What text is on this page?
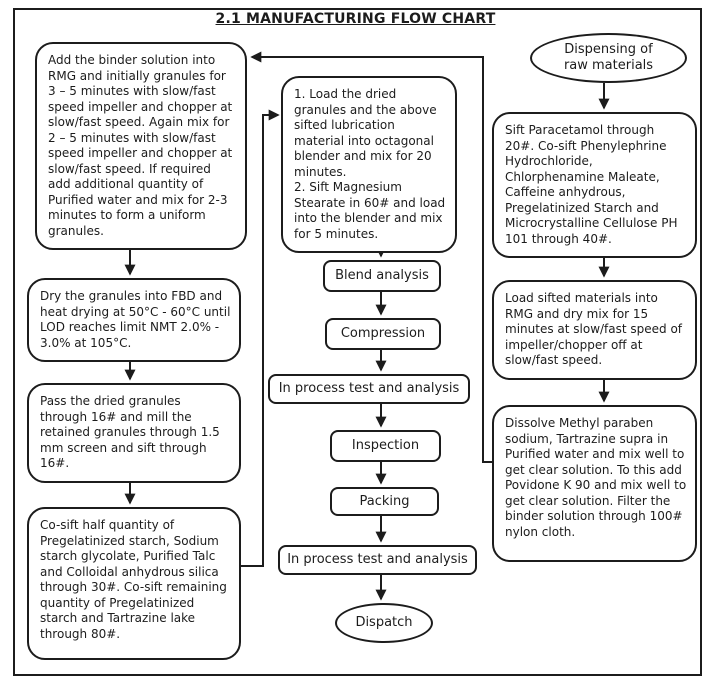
2.1 MANUFACTURING FLOW CHART

Add the binder solution into RMG and initially granules for 3 – 5 minutes with slow/fast speed impeller and chopper at slow/fast speed. Again mix for 2 – 5 minutes with slow/fast speed impeller and chopper at slow/fast speed. If required add additional quantity of Purified water and mix for 2-3 minutes to form a uniform granules.

Dry the granules into FBD and heat drying at 50°C - 60°C until LOD reaches limit NMT 2.0% - 3.0% at 105°C.

Pass the dried granules through 16# and mill the retained granules through 1.5 mm screen and sift through 16#.

Co-sift half quantity of Pregelatinized starch, Sodium starch glycolate, Purified Talc and Colloidal anhydrous silica through 30#. Co-sift remaining quantity of Pregelatinized starch and Tartrazine lake through 80#.

1. Load the dried granules and the above sifted lubrication material into octagonal blender and mix for 20 minutes.

2. Sift Magnesium Stearate in 60# and load into the blender and mix for 5 minutes.

Blend analysis
Compression
In process test and analysis
Inspection
Packing
In process test and analysis
Dispatch
Dispensing of raw materials

Sift Paracetamol through 20#. Co-sift Phenylephrine Hydrochloride, Chlorphenamine Maleate, Caffeine anhydrous, Pregelatinized Starch and Microcrystalline Cellulose PH 101 through 40#.

Load sifted materials into RMG and dry mix for 15 minutes at slow/fast speed of impeller/chopper off at slow/fast speed.

Dissolve Methyl paraben sodium, Tartrazine supra in Purified water and mix well to get clear solution. To this add Povidone K 90 and mix well to get clear solution. Filter the binder solution through 100# nylon cloth.
